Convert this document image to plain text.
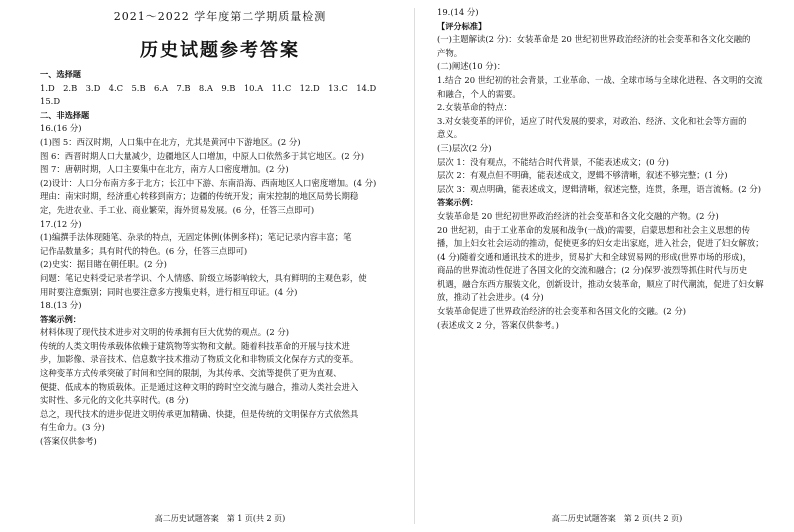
2021～2022 学年度第二学期质量检测
历史试题参考答案

一、选择题

1.D　2.B　3.D　4.C　5.B　6.A　7.B　8.A　9.B　10.A　11.C　12.D　13.C　14.D

15.D

二、非选择题

16.(16 分)

(1)图 5：西汉时期，人口集中在北方，尤其是黄河中下游地区。(2 分)

图 6：西晋时期人口大量减少，边疆地区人口增加，中原人口依然多于其它地区。(2 分)

图 7：唐朝时期，人口主要集中在北方，南方人口密度增加。(2 分)

(2)设计：人口分布南方多于北方；长江中下游、东南沿海、西南地区人口密度增加。(4 分)

理由：南宋时期，经济重心转移到南方；边疆的传统开发；南宋控制的地区局势长期稳

定，先进农业、手工业、商业繁荣，海外贸易发展。(6 分，任答三点即可)

17.(12 分)

(1)编撰手法体现随笔、杂录的特点，无固定体例(体例多样)；笔记记录内容丰富；笔

记作品数量多；具有时代的特色。(6 分，任答三点即可)

(2)史实：据目睹在朝任职。(2 分)

问题：笔记史料受记录者学识、个人情感、阶级立场影响较大，具有鲜明的主观色彩，使

用时要注意甄别；同时也要注意多方搜集史料，进行相互印证。(4 分)

18.(13 分)

答案示例：

材料体现了现代技术进步对文明的传承拥有巨大优势的观点。(2 分)

传统的人类文明传承载体依赖于建筑物等实物和文献。随着科技革命的开展与技术进

步，加影像、录音技术、信息数字技术推动了物质文化和非物质文化保存方式的变革。

这种变革方式传承突破了时间和空间的限制，为其传承、交流等提供了更为直观、

便捷、低成本的物质载体。正是通过这种文明的跨时空交流与融合，推动人类社会进入

实时性、多元化的文化共享时代。(8 分)

总之，现代技术的进步促进文明传承更加精确、快捷，但是传统的文明保存方式依然具

有生命力。(3 分)

(答案仅供参考)

高二历史试题答案　第 1 页(共 2 页)

19.(14 分)

【评分标准】

(一)主题解读(2 分)：女装革命是 20 世纪初世界政治经济的社会变革和各文化交融的

产物。

(二)阐述(10 分)：

1.结合 20 世纪初的社会背景，工业革命、一战、全球市场与全球化进程、各文明的交流

和融合，个人的需要。

2.女装革命的特点：

3.对女装变革的评价，适应了时代发展的要求，对政治、经济、文化和社会等方面的

意义。

(三)层次(2 分)

层次 1：没有观点，不能结合时代背景，不能表述成文；(0 分)

层次 2：有观点但不明确，能表述成文，逻辑不够清晰，叙述不够完整；(1 分)

层次 3：观点明确，能表述成文，逻辑清晰，叙述完整，连贯，条理，语言流畅。(2 分)

答案示例：

女装革命是 20 世纪初世界政治经济的社会变革和各文化交融的产物。(2 分)

20 世纪初，由于工业革命的发展和战争(一战)的需要，启蒙思想和社会主义思想的传

播，加上妇女社会运动的推动，促使更多的妇女走出家庭，进入社会，促进了妇女解放；

(4 分)随着交通和通讯技术的进步，贸易扩大和全球贸易网的形成(世界市场的形成)，

商品的世界流动性促进了各国文化的交流和融合；(2 分)保罗·波烈等抓住时代与历史

机遇，融合东西方服装文化，创新设计，推动女装革命，顺应了时代潮流，促进了妇女解

放，推动了社会进步。(4 分)

女装革命促进了世界政治经济的社会变革和各国文化的交融。(2 分)

(表述成文 2 分，答案仅供参考。)

高二历史试题答案　第 2 页(共 2 页)
